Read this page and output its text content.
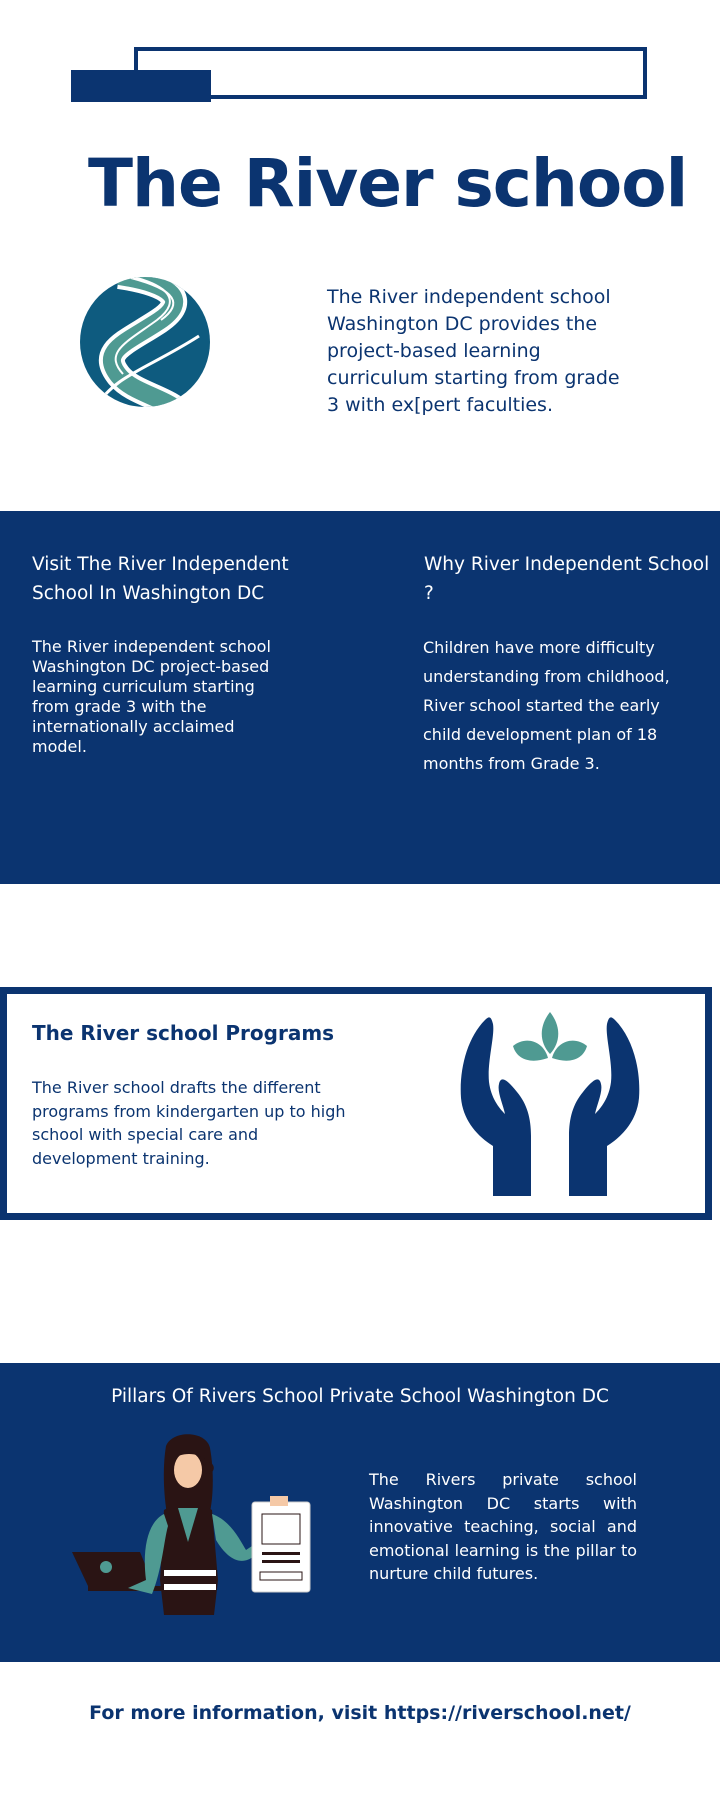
The River school
The River independent school Washington DC provides the project-based learning curriculum starting from grade 3 with ex[pert faculties.
Visit The River Independent School In Washington DC
The River independent school Washington DC project-based learning curriculum starting from grade 3 with the internationally acclaimed model.
Why River Independent School ?
Children have more difficulty understanding from childhood, River school started the early child development plan of 18 months from Grade 3.
The River school Programs
The River school drafts the different programs from kindergarten up to high school with special care and development training.
Pillars Of Rivers School Private School Washington DC
The Rivers private school Washington DC starts with innovative teaching, social and emotional learning is the pillar to nurture child futures.
For more information, visit https://riverschool.net/
